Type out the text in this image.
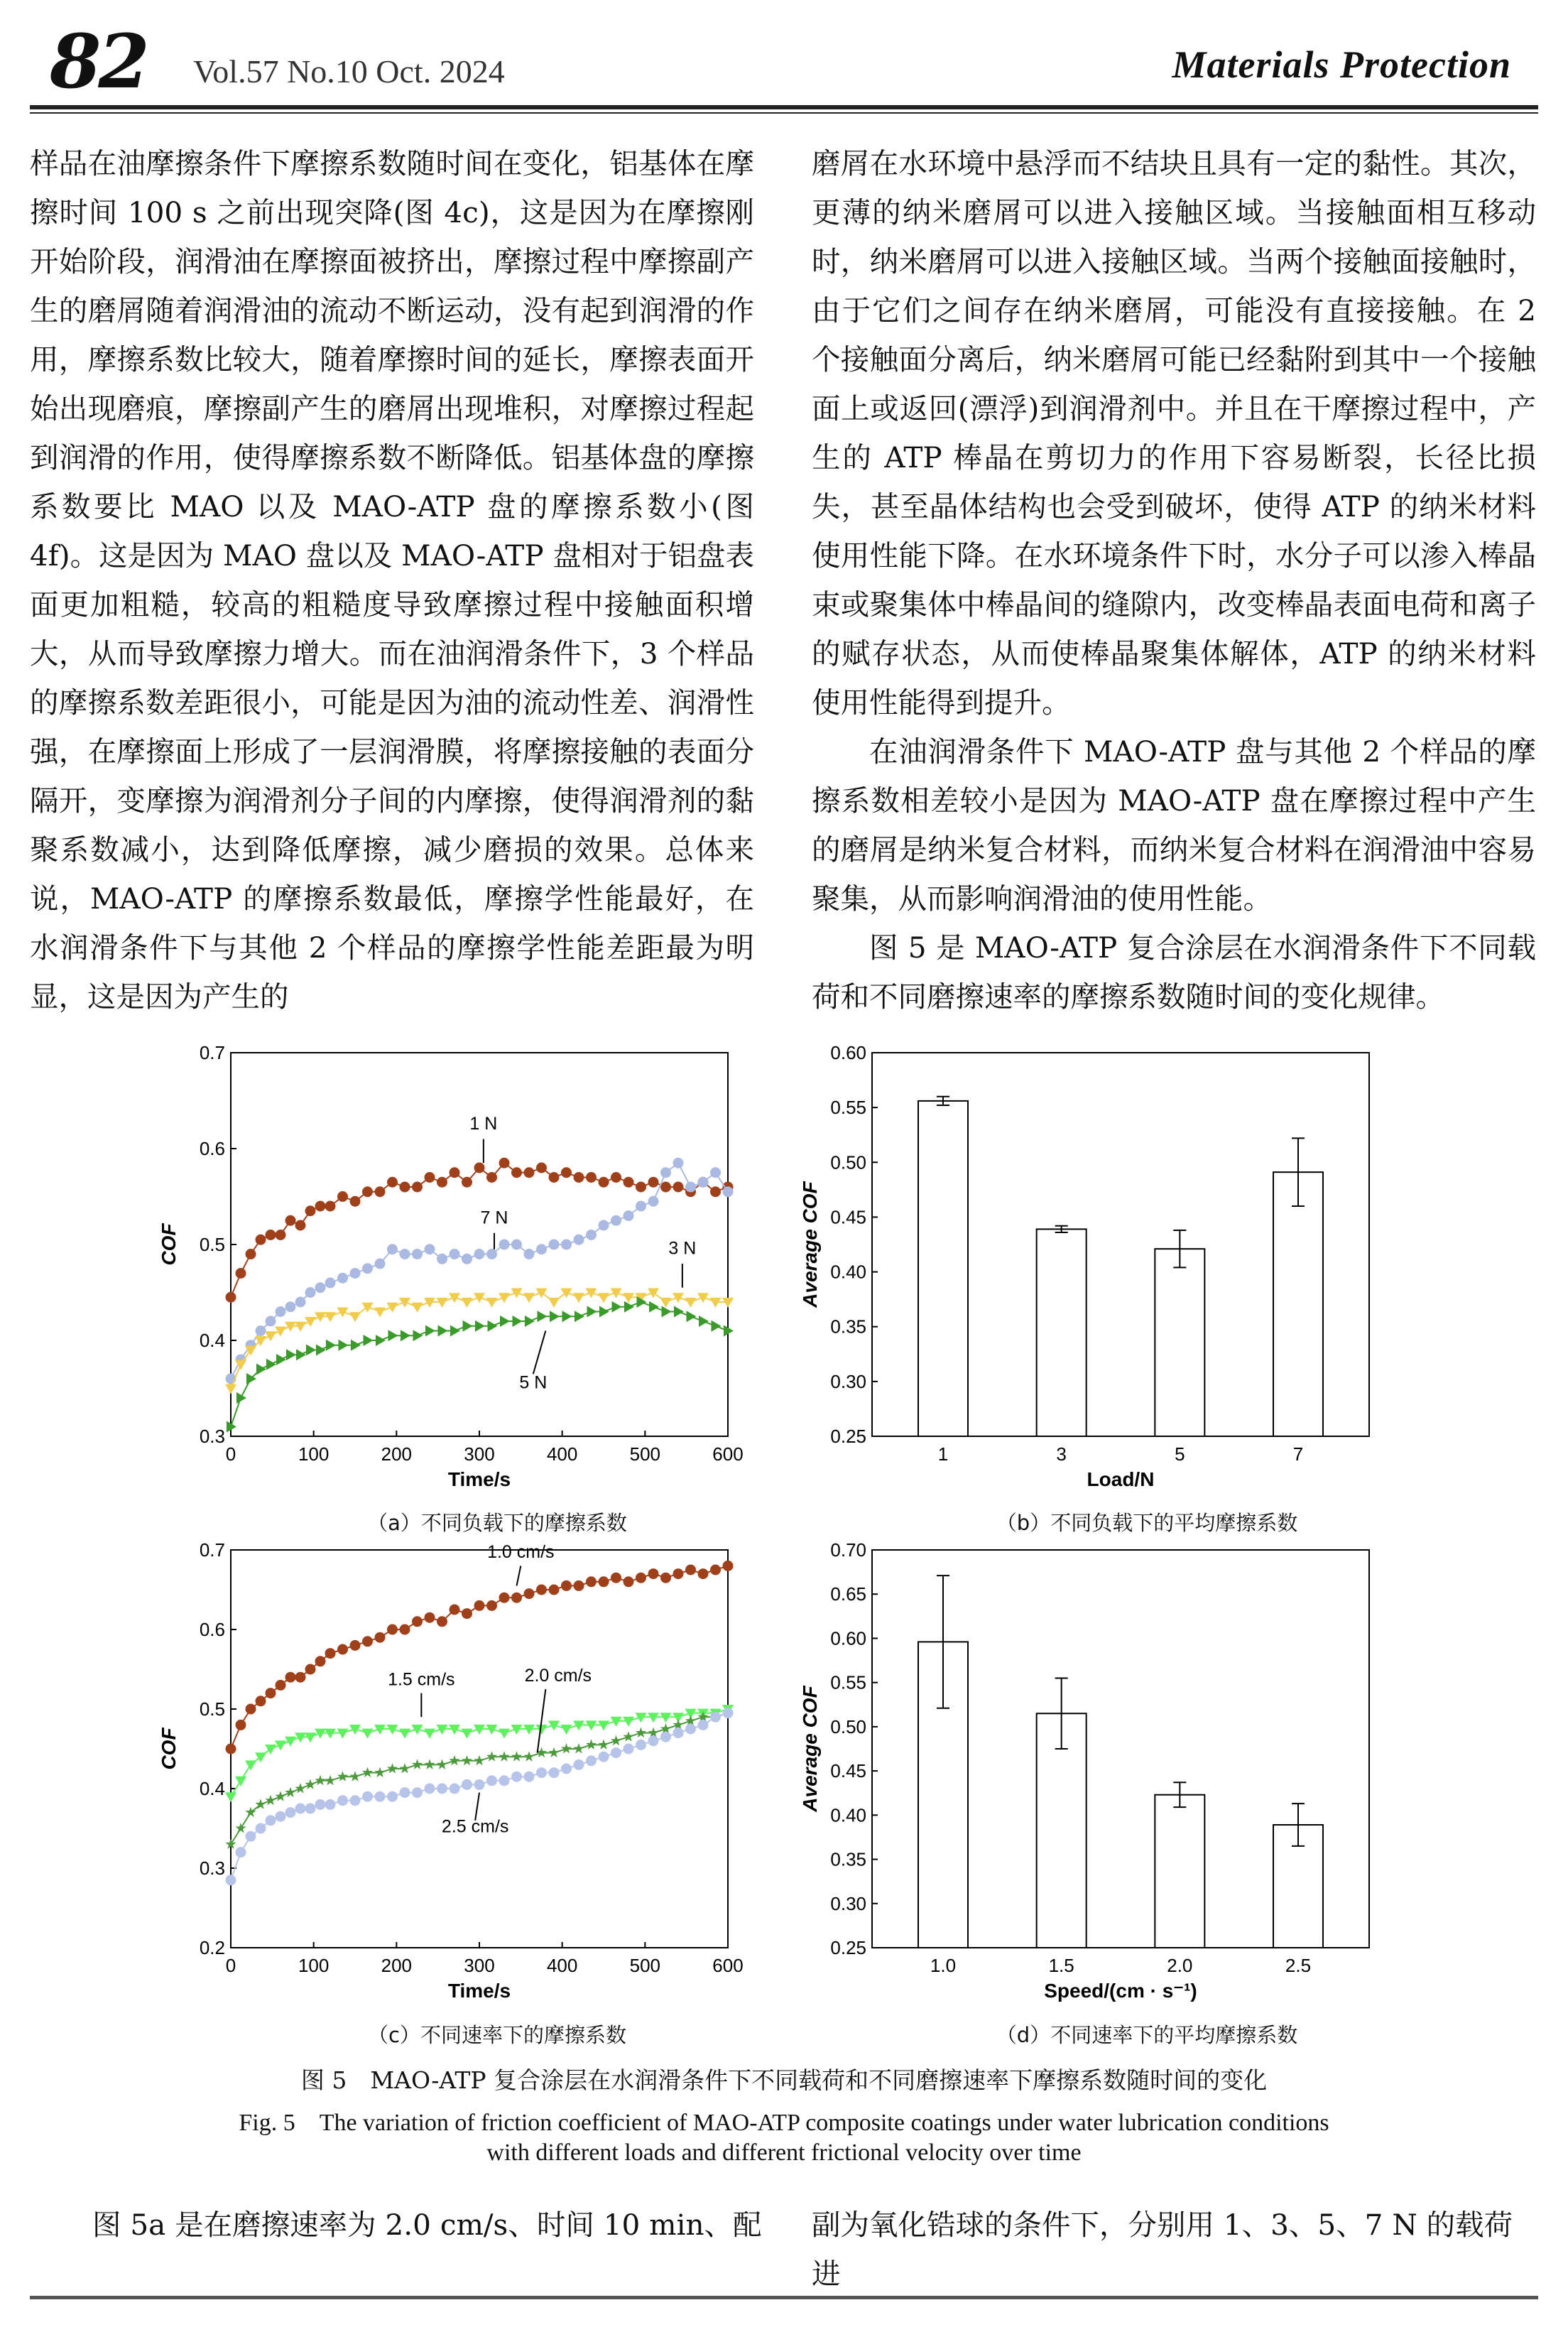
82 Vol.57 No.10 Oct. 2024	Materials Protection

样品在油摩擦条件下摩擦系数随时间在变化，铝基体在摩擦时间 100 s 之前出现突降(图 4c)，这是因为在摩擦刚开始阶段，润滑油在摩擦面被挤出，摩擦过程中摩擦副产生的磨屑随着润滑油的流动不断运动，没有起到润滑的作用，摩擦系数比较大，随着摩擦时间的延长，摩擦表面开始出现磨痕，摩擦副产生的磨屑出现堆积，对摩擦过程起到润滑的作用，使得摩擦系数不断降低。铝基体盘的摩擦系数要比 MAO 以及 MAO-ATP 盘的摩擦系数小(图 4f)。这是因为 MAO 盘以及 MAO-ATP 盘相对于铝盘表面更加粗糙，较高的粗糙度导致摩擦过程中接触面积增大，从而导致摩擦力增大。而在油润滑条件下，3 个样品的摩擦系数差距很小，可能是因为油的流动性差、润滑性强，在摩擦面上形成了一层润滑膜，将摩擦接触的表面分隔开，变摩擦为润滑剂分子间的内摩擦，使得润滑剂的黏聚系数减小，达到降低摩擦，减少磨损的效果。总体来说，MAO-ATP 的摩擦系数最低，摩擦学性能最好，在水润滑条件下与其他 2 个样品的摩擦学性能差距最为明显，这是因为产生的

磨屑在水环境中悬浮而不结块且具有一定的黏性。其次，更薄的纳米磨屑可以进入接触区域。当接触面相互移动时，纳米磨屑可以进入接触区域。当两个接触面接触时，由于它们之间存在纳米磨屑，可能没有直接接触。在 2 个接触面分离后，纳米磨屑可能已经黏附到其中一个接触面上或返回(漂浮)到润滑剂中。并且在干摩擦过程中，产生的 ATP 棒晶在剪切力的作用下容易断裂，长径比损失，甚至晶体结构也会受到破坏，使得 ATP 的纳米材料使用性能下降。在水环境条件下时，水分子可以渗入棒晶束或聚集体中棒晶间的缝隙内，改变棒晶表面电荷和离子的赋存状态，从而使棒晶聚集体解体，ATP 的纳米材料使用性能得到提升。

在油润滑条件下 MAO-ATP 盘与其他 2 个样品的摩擦系数相差较小是因为 MAO-ATP 盘在摩擦过程中产生的磨屑是纳米复合材料，而纳米复合材料在润滑油中容易聚集，从而影响润滑油的使用性能。

图 5 是 MAO-ATP 复合涂层在水润滑条件下不同载荷和不同磨擦速率的摩擦系数随时间的变化规律。

0.3
0.4
0.5
0.6
0.7
0	100	200	300	400	500	600
Time/s
COF
1 N
7 N
3 N
5 N
（a）不同负载下的摩擦系数
0.25
0.30
0.35
0.40
0.45
0.50
0.55
0.60
1	3	5	7
Load/N
Average COF
（b）不同负载下的平均摩擦系数
0.2
0.3
0.4
0.5
0.6
0.7
0	100	200	300	400	500	600
Time/s
COF
1.0 cm/s
1.5 cm/s	2.0 cm/s
2.5 cm/s
（c）不同速率下的摩擦系数
0.25
0.30
0.35
0.40
0.45
0.50
0.55
0.60
0.65
0.70
1.0	1.5	2.0	2.5
Speed/(cm · s⁻¹)
Average COF
（d）不同速率下的平均摩擦系数
图 5　MAO-ATP 复合涂层在水润滑条件下不同载荷和不同磨擦速率下摩擦系数随时间的变化
Fig. 5　The variation of friction coefficient of MAO-ATP composite coatings under water lubrication conditions
with different loads and different frictional velocity over time
图 5a 是在磨擦速率为 2.0 cm/s、时间 10 min、配	副为氧化锆球的条件下，分别用 1、3、5、7 N 的载荷进
